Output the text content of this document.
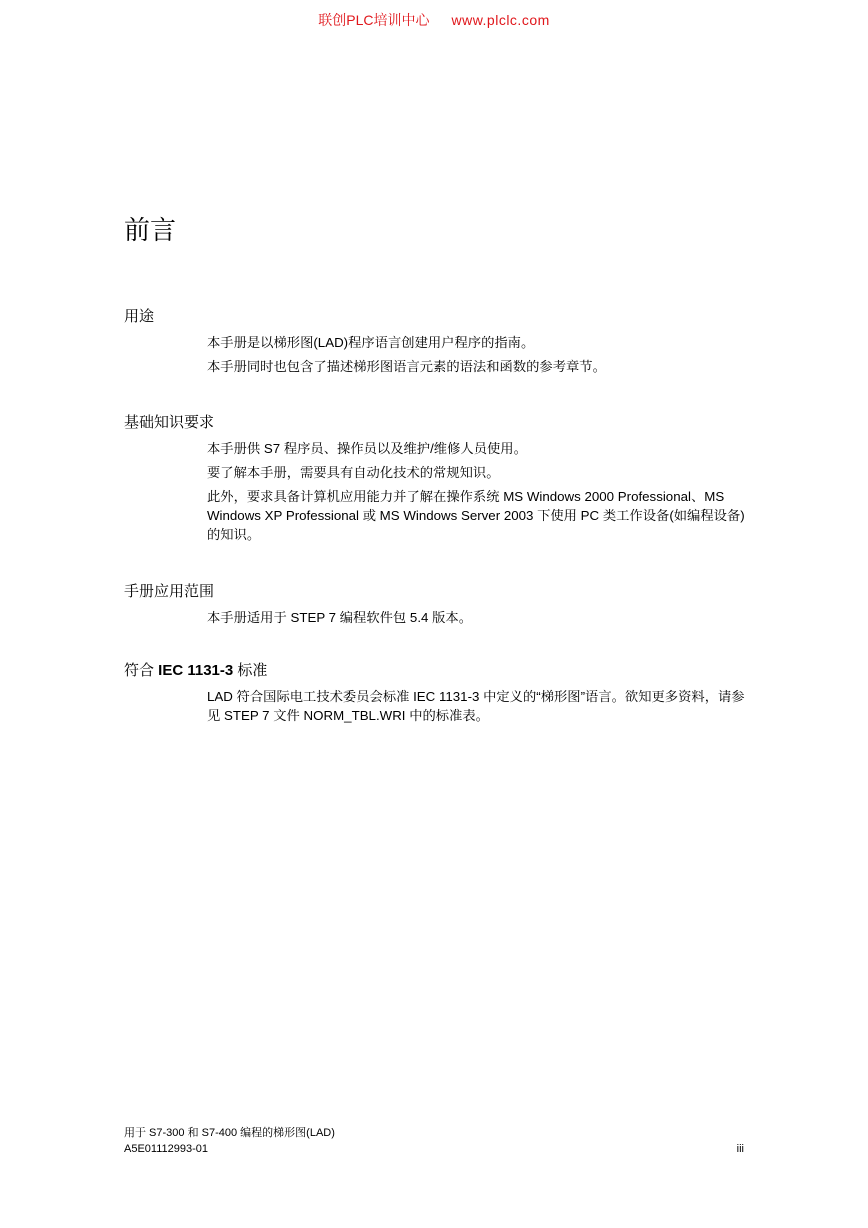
联创PLC培训中心 www.plclc.com
前言
用途

本手册是以梯形图(LAD)程序语言创建用户程序的指南。

本手册同时也包含了描述梯形图语言元素的语法和函数的参考章节。

基础知识要求

本手册供 S7 程序员、操作员以及维护/维修人员使用。

要了解本手册，需要具有自动化技术的常规知识。

此外，要求具备计算机应用能力并了解在操作系统 MS Windows 2000 Professional、MS Windows XP Professional 或 MS Windows Server 2003 下使用 PC 类工作设备(如编程设备)的知识。

手册应用范围

本手册适用于 STEP 7 编程软件包 5.4 版本。

符合 IEC 1131-3 标准

LAD 符合国际电工技术委员会标准 IEC 1131-3 中定义的“梯形图”语言。欲知更多资料，请参见 STEP 7 文件 NORM_TBL.WRI 中的标准表。

用于 S7-300 和 S7-400 编程的梯形图(LAD)
A5E01112993-01	iii
